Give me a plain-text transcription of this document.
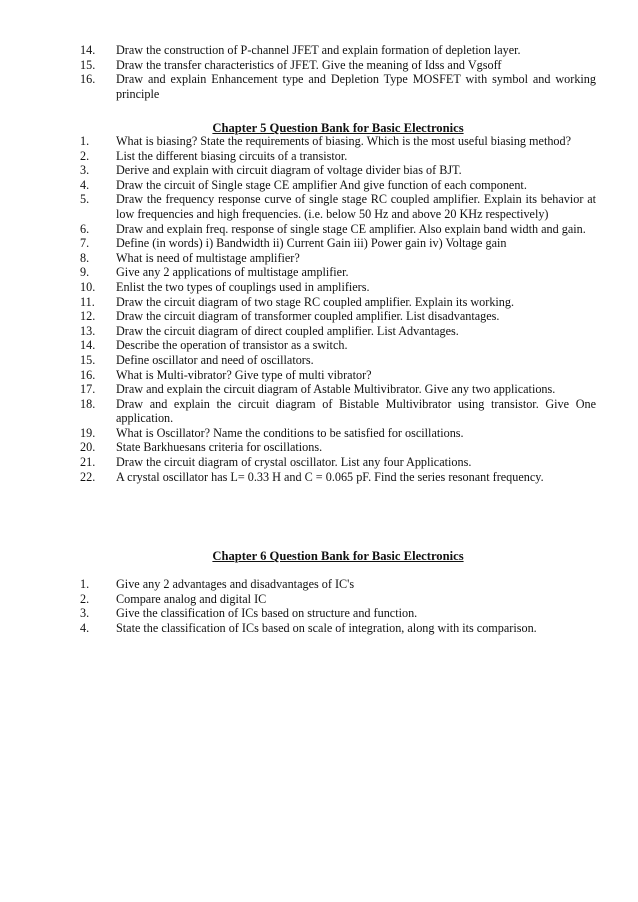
14.	Draw the construction of P-channel JFET and explain formation of depletion layer.
15.	Draw the transfer characteristics of JFET. Give the meaning of Idss and Vgsoff
16.	Draw and explain Enhancement type and Depletion Type MOSFET with symbol and working principle
Chapter 5 Question Bank for Basic Electronics
1.	What is biasing? State the requirements of biasing. Which is the most useful biasing method?
2.	List the different biasing circuits of a transistor.
3.	Derive and explain with circuit diagram of voltage divider bias of BJT.
4.	Draw the circuit of Single stage CE amplifier And give function of each component.
5.	Draw the frequency response curve of single stage RC coupled amplifier. Explain its behavior at low frequencies and high frequencies. (i.e. below 50 Hz and above 20 KHz respectively)
6.	Draw and explain freq. response of single stage CE amplifier. Also explain band width and gain.
7.	Define (in words) i) Bandwidth ii) Current Gain iii) Power gain iv) Voltage gain
8.	What is need of multistage amplifier?
9.	Give any 2 applications of multistage amplifier.
10.	Enlist the two types of couplings used in amplifiers.
11.	Draw the circuit diagram of two stage RC coupled amplifier. Explain its working.
12.	Draw the circuit diagram of transformer coupled amplifier. List disadvantages.
13.	Draw the circuit diagram of direct coupled amplifier. List Advantages.
14.	Describe the operation of transistor as a switch.
15.	Define oscillator and need of oscillators.
16.	What is Multi-vibrator? Give type of multi vibrator?
17.	Draw and explain the circuit diagram of Astable Multivibrator. Give any two applications.
18.	Draw and explain the circuit diagram of Bistable Multivibrator using transistor. Give One application.
19.	What is Oscillator? Name the conditions to be satisfied for oscillations.
20.	State Barkhuesans criteria for oscillations.
21.	Draw the circuit diagram of crystal oscillator. List any four Applications.
22.	A crystal oscillator has L= 0.33 H and C = 0.065 pF. Find the series resonant frequency.
Chapter 6 Question Bank for Basic Electronics
1.	Give any 2 advantages and disadvantages of IC's
2.	Compare analog and digital IC
3.	Give the classification of ICs based on structure and function.
4.	State the classification of ICs based on scale of integration, along with its comparison.
